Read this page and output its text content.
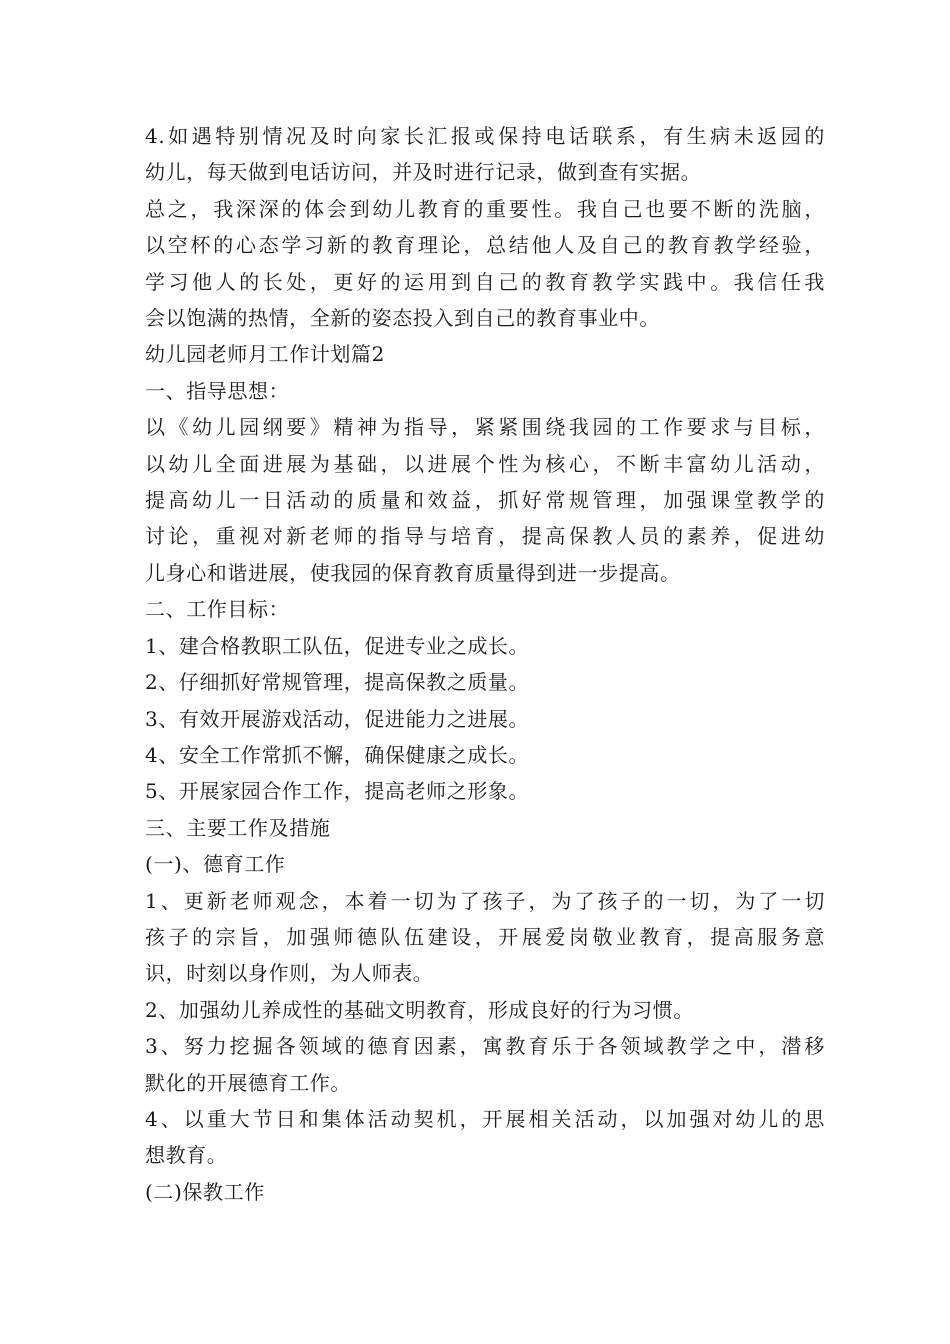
4.如遇特别情况及时向家长汇报或保持电话联系，有生病未返园的
幼儿，每天做到电话访问，并及时进行记录，做到查有实据。
总之，我深深的体会到幼儿教育的重要性。我自己也要不断的洗脑，
以空杯的心态学习新的教育理论，总结他人及自己的教育教学经验，
学习他人的长处，更好的运用到自己的教育教学实践中。我信任我
会以饱满的热情，全新的姿态投入到自己的教育事业中。
幼儿园老师月工作计划篇2
一、指导思想：
以《幼儿园纲要》精神为指导，紧紧围绕我园的工作要求与目标，
以幼儿全面进展为基础，以进展个性为核心，不断丰富幼儿活动，
提高幼儿一日活动的质量和效益，抓好常规管理，加强课堂教学的
讨论，重视对新老师的指导与培育，提高保教人员的素养，促进幼
儿身心和谐进展，使我园的保育教育质量得到进一步提高。
二、工作目标：
1、建合格教职工队伍，促进专业之成长。
2、仔细抓好常规管理，提高保教之质量。
3、有效开展游戏活动，促进能力之进展。
4、安全工作常抓不懈，确保健康之成长。
5、开展家园合作工作，提高老师之形象。
三、主要工作及措施
(一)、德育工作
1、更新老师观念，本着一切为了孩子，为了孩子的一切，为了一切
孩子的宗旨，加强师德队伍建设，开展爱岗敬业教育，提高服务意
识，时刻以身作则，为人师表。
2、加强幼儿养成性的基础文明教育，形成良好的行为习惯。
3、努力挖掘各领域的德育因素，寓教育乐于各领域教学之中，潜移
默化的开展德育工作。
4、以重大节日和集体活动契机，开展相关活动，以加强对幼儿的思
想教育。
(二)保教工作
